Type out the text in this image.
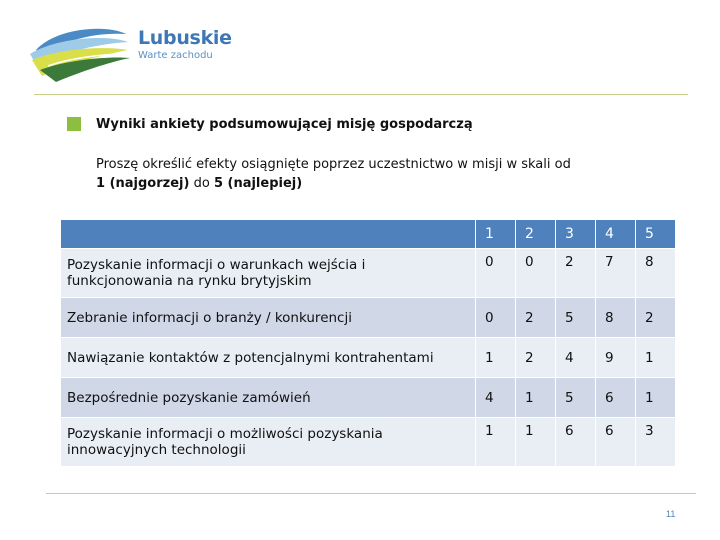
Lubuskie
Warte zachodu
Wyniki ankiety podsumowującej misję gospodarczą
Proszę określić efekty osiągnięte poprzez uczestnictwo w misji w skali od
1 (najgorzej) do 5 (najlepiej)
	1	2	3	4	5
Pozyskanie informacji o warunkach wejścia i funkcjonowania na rynku brytyjskim	0	0	2	7	8
Zebranie informacji o branży / konkurencji	0	2	5	8	2
Nawiązanie kontaktów z potencjalnymi kontrahentami	1	2	4	9	1
Bezpośrednie pozyskanie zamówień	4	1	5	6	1
Pozyskanie informacji o możliwości pozyskania innowacyjnych technologii	1	1	6	6	3
11
